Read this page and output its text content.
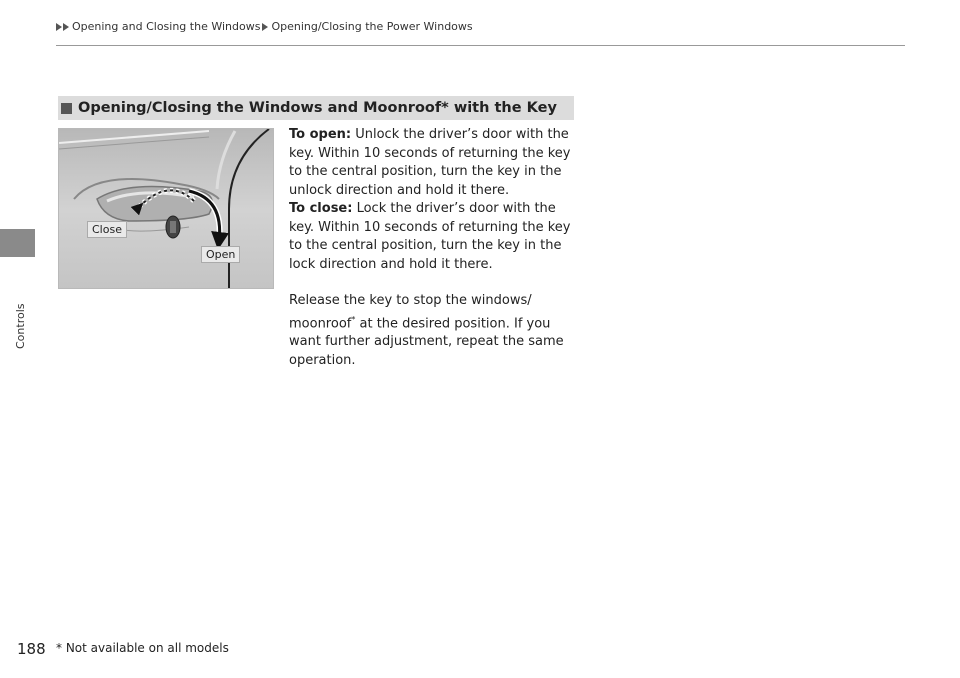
Controls
Opening and Closing the Windows Opening/Closing the Power Windows
Opening/Closing the Windows and Moonroof* with the Key
Close
Open

To open: Unlock the driver’s door with the key. Within 10 seconds of returning the key to the central position, turn the key in the unlock direction and hold it there.

To close: Lock the driver’s door with the key. Within 10 seconds of returning the key to the central position, turn the key in the lock direction and hold it there.

Release the key to stop the windows/ moonroof* at the desired position. If you want further adjustment, repeat the same operation.

188 * Not available on all models
